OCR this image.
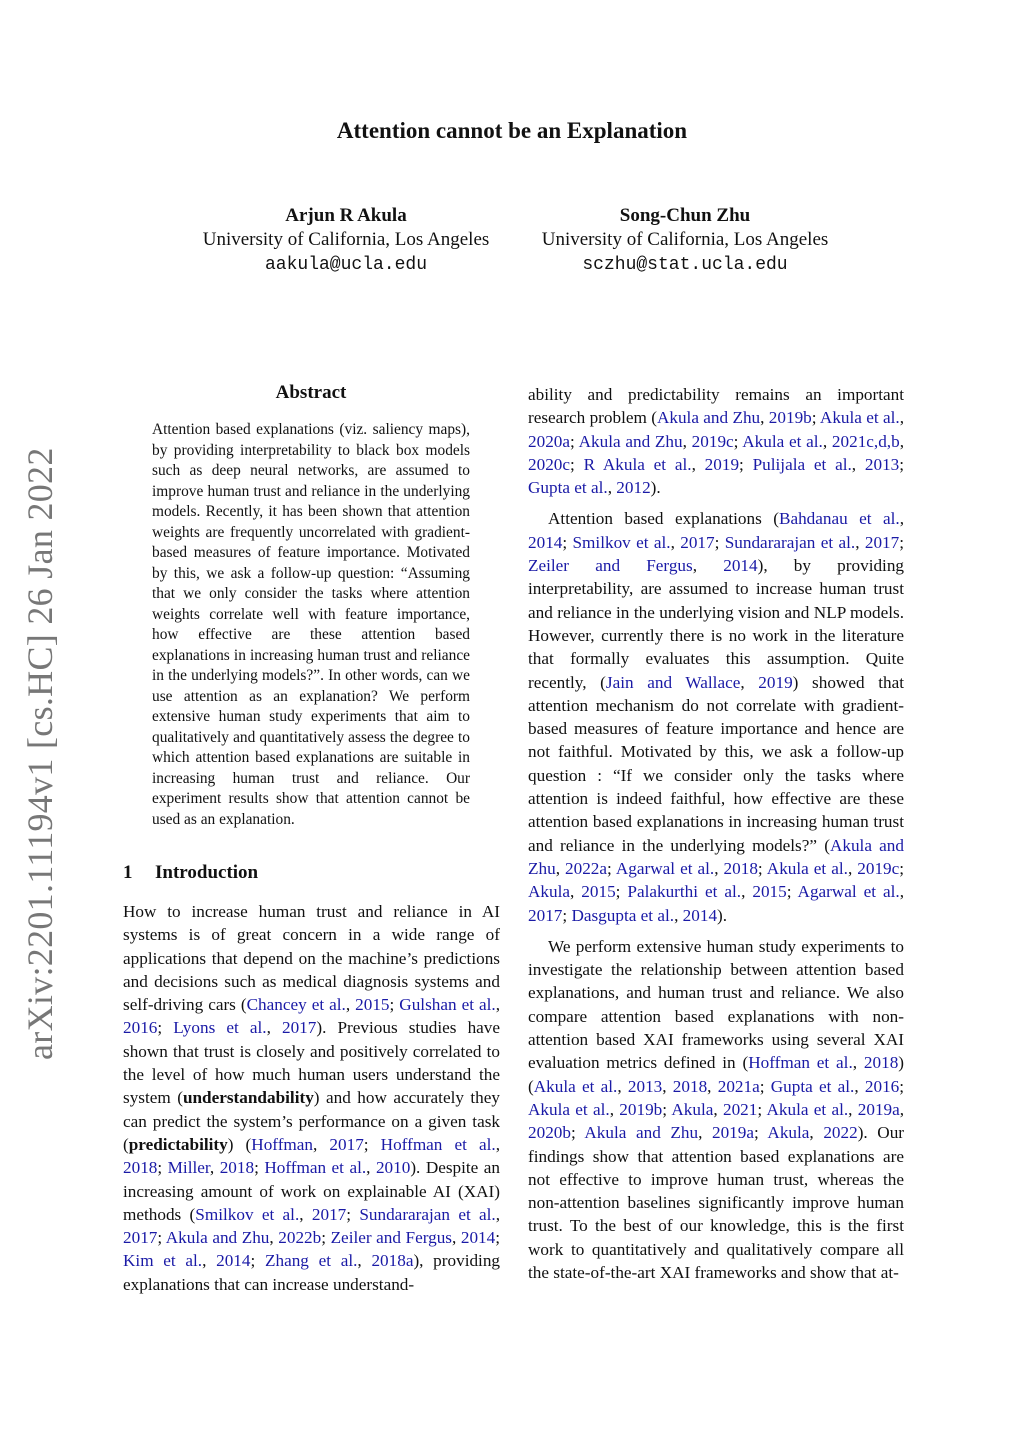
Attention cannot be an Explanation
Arjun R Akula
University of California, Los Angeles
aakula@ucla.edu
Song-Chun Zhu
University of California, Los Angeles
sczhu@stat.ucla.edu
arXiv:2201.11194v1 [cs.HC] 26 Jan 2022
Abstract
Attention based explanations (viz. saliency maps), by providing interpretability to black box models such as deep neural networks, are assumed to improve human trust and reliance in the underlying models. Recently, it has been shown that attention weights are frequently uncorrelated with gradient-based measures of feature importance. Motivated by this, we ask a follow-up question: “Assuming that we only consider the tasks where attention weights correlate well with feature importance, how effective are these attention based explanations in increasing human trust and reliance in the underlying models?”. In other words, can we use attention as an explanation? We perform extensive human study experiments that aim to qualitatively and quantitatively assess the degree to which attention based explanations are suitable in increasing human trust and reliance. Our experiment results show that attention cannot be used as an explanation.
1 Introduction

How to increase human trust and reliance in AI systems is of great concern in a wide range of applications that depend on the machine’s predictions and decisions such as medical diagnosis systems and self-driving cars (Chancey et al., 2015; Gulshan et al., 2016; Lyons et al., 2017). Previous studies have shown that trust is closely and positively correlated to the level of how much human users understand the system (understandability) and how accurately they can predict the system’s performance on a given task (predictability) (Hoffman, 2017; Hoffman et al., 2018; Miller, 2018; Hoffman et al., 2010). Despite an increasing amount of work on explainable AI (XAI) methods (Smilkov et al., 2017; Sundararajan et al., 2017; Akula and Zhu, 2022b; Zeiler and Fergus, 2014; Kim et al., 2014; Zhang et al., 2018a), providing explanations that can increase understand-

ability and predictability remains an important research problem (Akula and Zhu, 2019b; Akula et al., 2020a; Akula and Zhu, 2019c; Akula et al., 2021c,d,b, 2020c; R Akula et al., 2019; Pulijala et al., 2013; Gupta et al., 2012).

Attention based explanations (Bahdanau et al., 2014; Smilkov et al., 2017; Sundararajan et al., 2017; Zeiler and Fergus, 2014), by providing interpretability, are assumed to increase human trust and reliance in the underlying vision and NLP models. However, currently there is no work in the literature that formally evaluates this assumption. Quite recently, (Jain and Wallace, 2019) showed that attention mechanism do not correlate with gradient-based measures of feature importance and hence are not faithful. Motivated by this, we ask a follow-up question : “If we consider only the tasks where attention is indeed faithful, how effective are these attention based explanations in increasing human trust and reliance in the underlying models?” (Akula and Zhu, 2022a; Agarwal et al., 2018; Akula et al., 2019c; Akula, 2015; Palakurthi et al., 2015; Agarwal et al., 2017; Dasgupta et al., 2014).

We perform extensive human study experiments to investigate the relationship between attention based explanations, and human trust and reliance. We also compare attention based explanations with non-attention based XAI frameworks using several XAI evaluation metrics defined in (Hoffman et al., 2018) (Akula et al., 2013, 2018, 2021a; Gupta et al., 2016; Akula et al., 2019b; Akula, 2021; Akula et al., 2019a, 2020b; Akula and Zhu, 2019a; Akula, 2022). Our findings show that attention based explanations are not effective to improve human trust, whereas the non-attention baselines significantly improve human trust. To the best of our knowledge, this is the first work to quantitatively and qualitatively compare all the state-of-the-art XAI frameworks and show that at-
